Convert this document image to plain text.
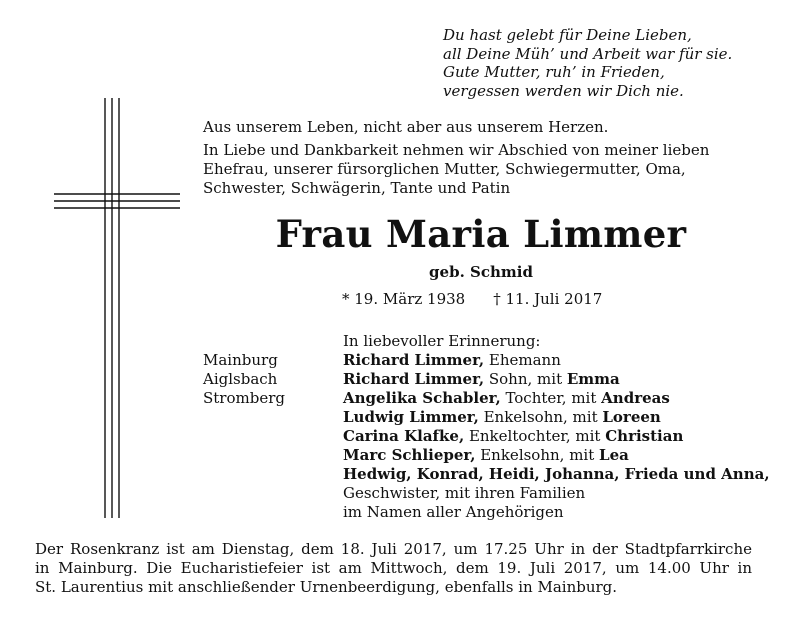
Du hast gelebt für Deine Lieben,
all Deine Müh’ und Arbeit war für sie.
Gute Mutter, ruh’ in Frieden,
vergessen werden wir Dich nie.

Aus unserem Leben, nicht aber aus unserem Herzen.

In Liebe und Dankbarkeit nehmen wir Abschied von meiner lieben
Ehefrau, unserer fürsorglichen Mutter, Schwiegermutter, Oma,
Schwester, Schwägerin, Tante und Patin

Frau Maria Limmer
geb. Schmid
* 19. März 1938 † 11. Juli 2017
In liebevoller Erinnerung:
Mainburg
Aiglsbach
Stromberg
Richard Limmer, Ehemann
Richard Limmer, Sohn, mit Emma
Angelika Schabler, Tochter, mit Andreas
Ludwig Limmer, Enkelsohn, mit Loreen
Carina Klafke, Enkeltochter, mit Christian
Marc Schlieper, Enkelsohn, mit Lea
Hedwig, Konrad, Heidi, Johanna, Frieda und Anna,
Geschwister, mit ihren Familien
im Namen aller Angehörigen
Der Rosenkranz ist am Dienstag, dem 18. Juli 2017, um 17.25 Uhr in der Stadtpfarrkirche
in Mainburg. Die Eucharistiefeier ist am Mittwoch, dem 19. Juli 2017, um 14.00 Uhr in
St. Laurentius mit anschließender Urnenbeerdigung, ebenfalls in Mainburg.
